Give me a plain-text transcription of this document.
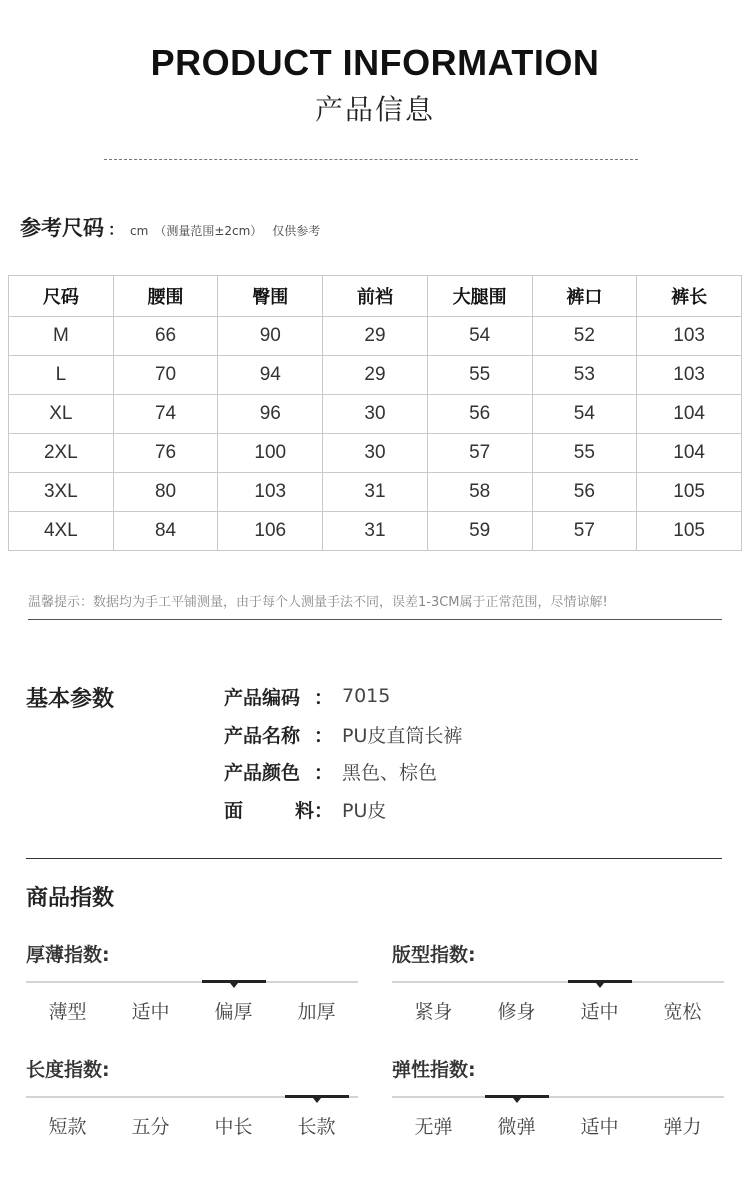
PRODUCT INFORMATION
产品信息
参考尺码 ： cm （测量范围±2cm） 仅供参考
尺码	腰围	臀围	前裆	大腿围	裤口	裤长
M	66	90	29	54	52	103
L	70	94	29	55	53	103
XL	74	96	30	56	54	104
2XL	76	100	30	57	55	104
3XL	80	103	31	58	56	105
4XL	84	106	31	59	57	105
温馨提示：数据均为手工平铺测量，由于每个人测量手法不同，误差1-3CM属于正常范围，尽情谅解!
基本参数	产品编码 ： 7015
产品名称 ： PU皮直筒长裤
产品颜色 ： 黑色、棕色
面	料 ： PU皮
商品指数
厚薄指数:
薄型	适中	偏厚	加厚
版型指数:
紧身	修身	适中	宽松
长度指数:
短款	五分	中长	长款
弹性指数:
无弹	微弹	适中	弹力
